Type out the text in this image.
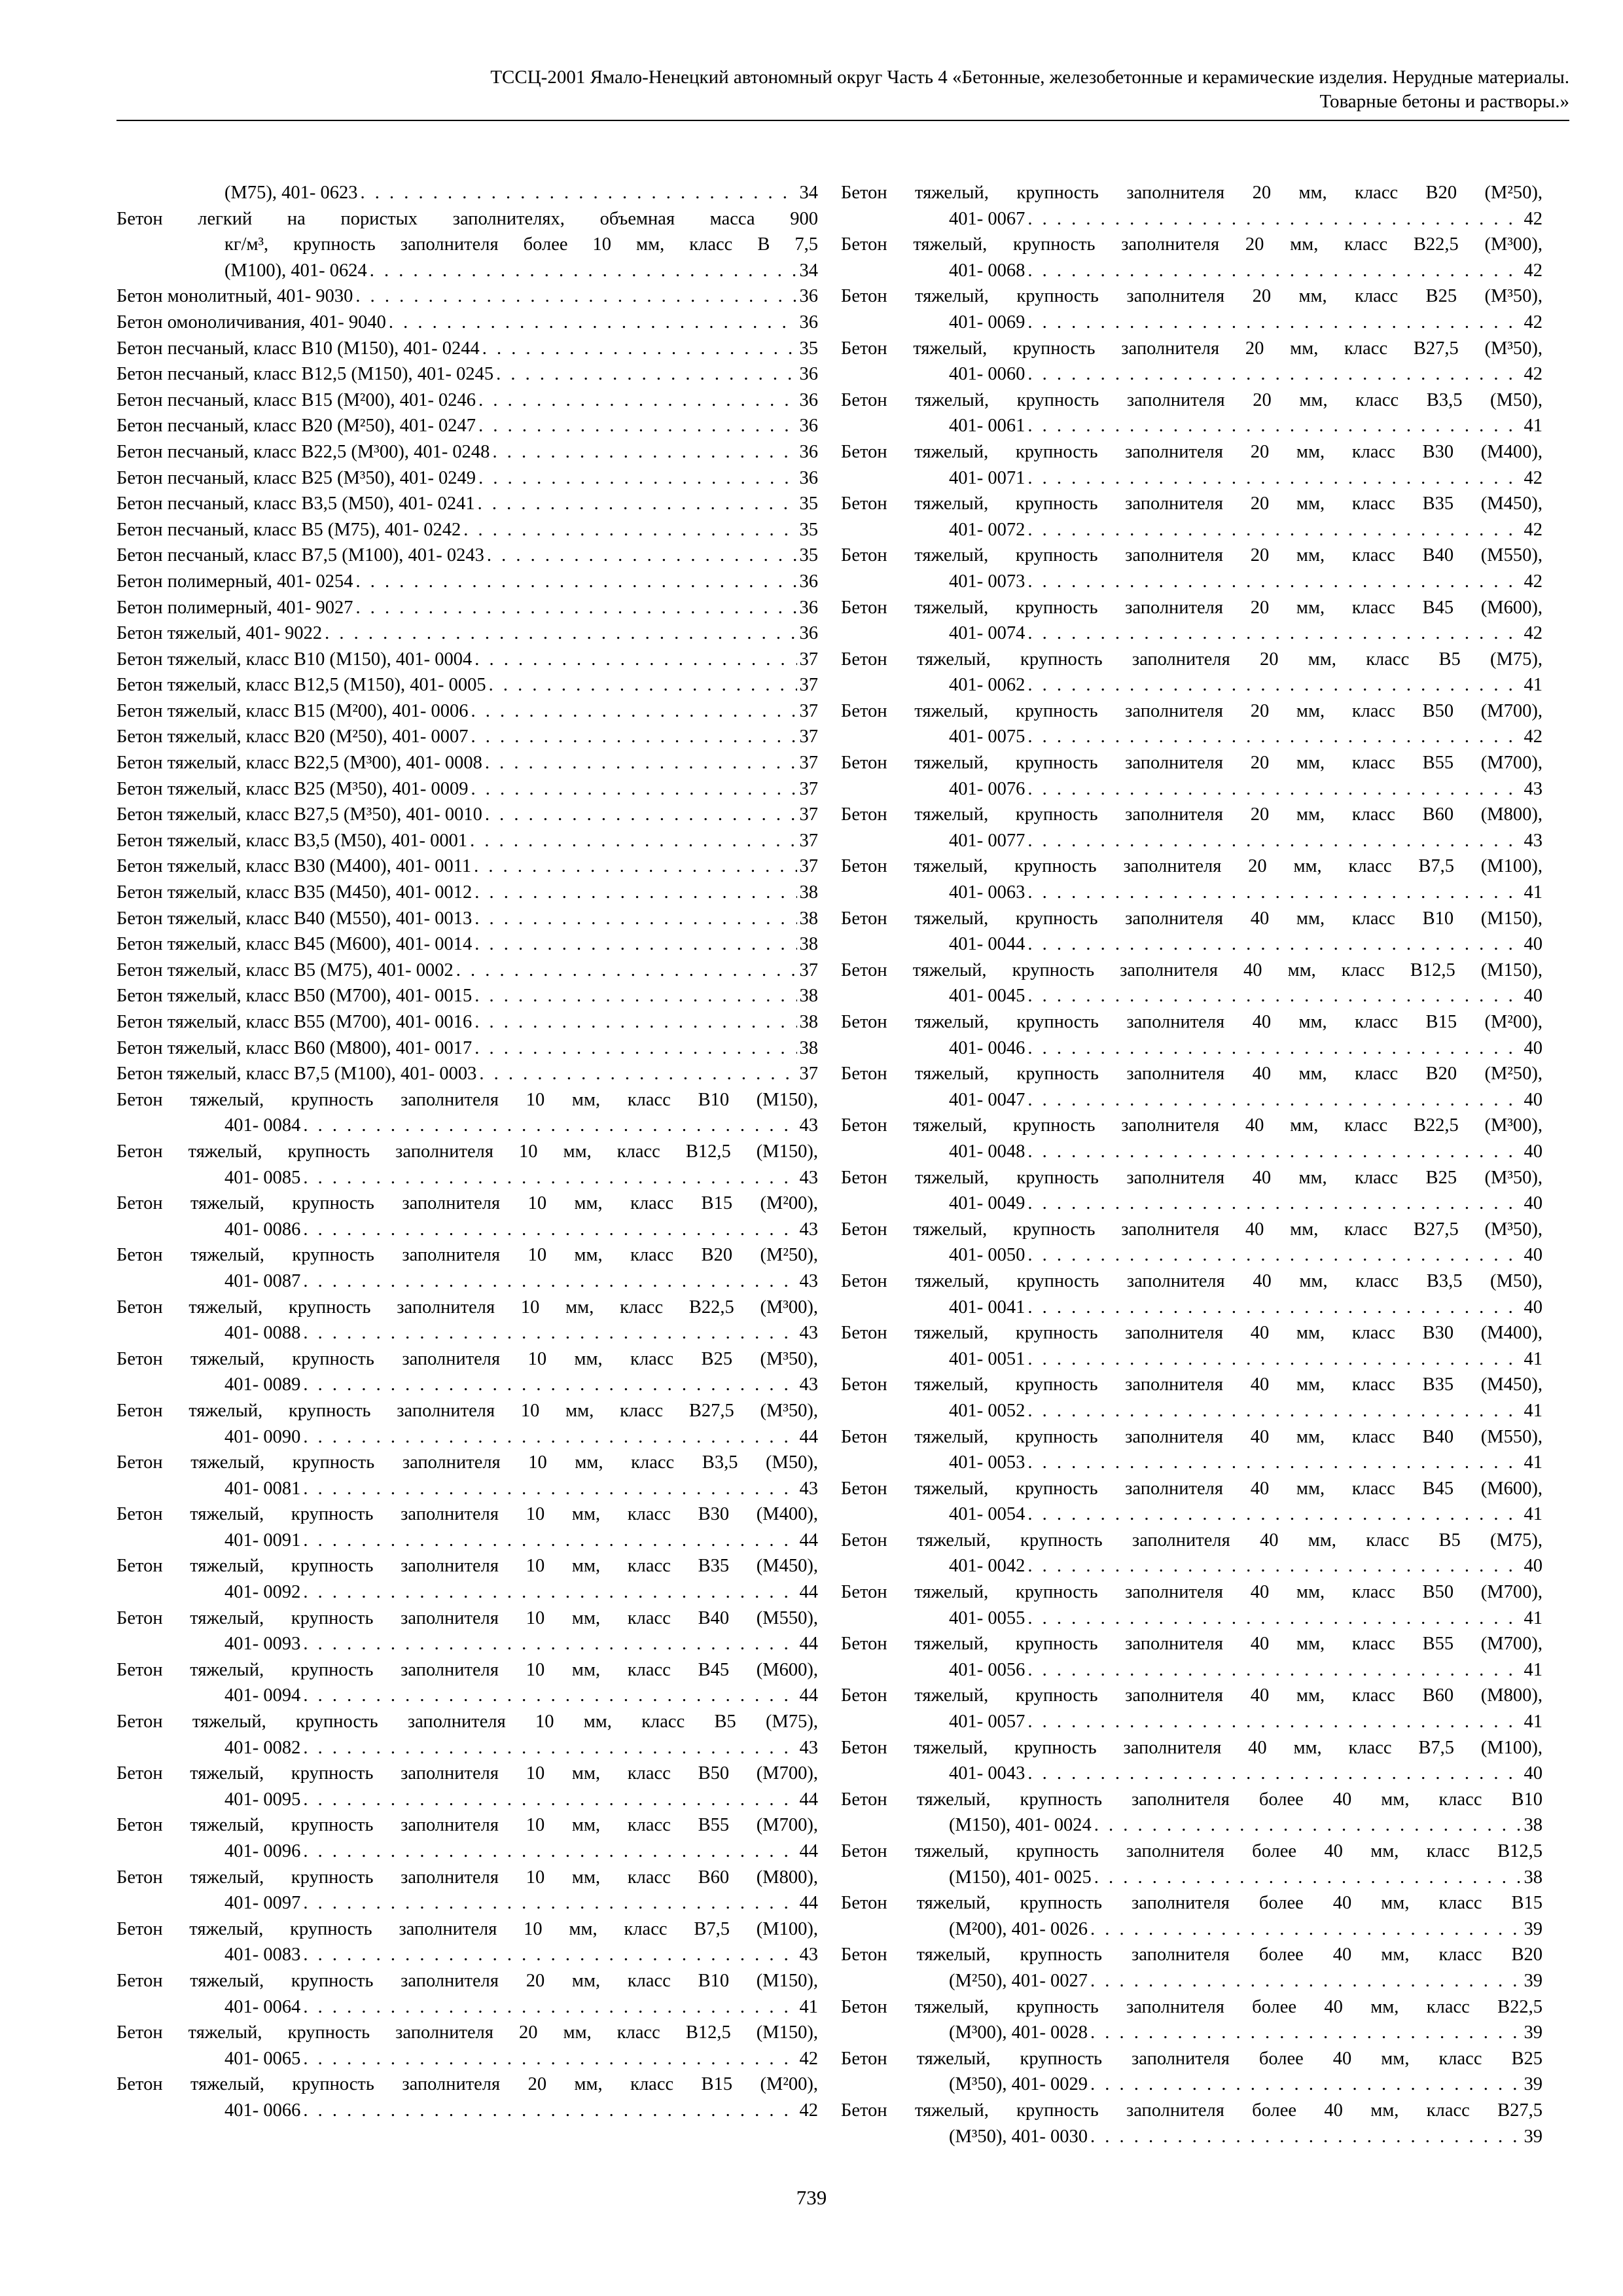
ТССЦ-2001 Ямало-Ненецкий автономный округ Часть 4 «Бетонные, железобетонные и керамические изделия. Нерудные материалы.
Товарные бетоны и растворы.»
(М75), 401- 0623	34
. . .
Бетон легкий на пористых заполнителях, объемная масса 900
кг/м³, крупность заполнителя более 10 мм, класс В 7,5
(М100), 401- 0624	34
. . .
Бетон монолитный, 401- 9030	36
. . .
Бетон омоноличивания, 401- 9040	36
. . .
Бетон песчаный, класс В10 (М150), 401- 0244	35
. . .
Бетон песчаный, класс В12,5 (М150), 401- 0245	36
. . .
Бетон песчаный, класс В15 (М²00), 401- 0246	36
. . .
Бетон песчаный, класс В20 (М²50), 401- 0247	36
. . .
Бетон песчаный, класс В22,5 (М³00), 401- 0248	36
. . .
Бетон песчаный, класс В25 (М³50), 401- 0249	36
. . .
Бетон песчаный, класс В3,5 (М50), 401- 0241	35
. . .
Бетон песчаный, класс В5 (М75), 401- 0242	35
. . .
Бетон песчаный, класс В7,5 (М100), 401- 0243	35
. . .
Бетон полимерный, 401- 0254	36
. . .
Бетон полимерный, 401- 9027	36
. . .
Бетон тяжелый, 401- 9022	36
. . .
Бетон тяжелый, класс В10 (М150), 401- 0004	37
. . .
Бетон тяжелый, класс В12,5 (М150), 401- 0005	37
. . .
Бетон тяжелый, класс В15 (М²00), 401- 0006	37
. . .
Бетон тяжелый, класс В20 (М²50), 401- 0007	37
. . .
Бетон тяжелый, класс В22,5 (М³00), 401- 0008	37
. . .
Бетон тяжелый, класс В25 (М³50), 401- 0009	37
. . .
Бетон тяжелый, класс В27,5 (М³50), 401- 0010	37
. . .
Бетон тяжелый, класс В3,5 (М50), 401- 0001	37
. . .
Бетон тяжелый, класс В30 (М400), 401- 0011	37
. . .
Бетон тяжелый, класс В35 (М450), 401- 0012	38
. . .
Бетон тяжелый, класс В40 (М550), 401- 0013	38
. . .
Бетон тяжелый, класс В45 (М600), 401- 0014	38
. . .
Бетон тяжелый, класс В5 (М75), 401- 0002	37
. . .
Бетон тяжелый, класс В50 (М700), 401- 0015	38
. . .
Бетон тяжелый, класс В55 (М700), 401- 0016	38
. . .
Бетон тяжелый, класс В60 (М800), 401- 0017	38
. . .
Бетон тяжелый, класс В7,5 (М100), 401- 0003	37
. . .
Бетон тяжелый, крупность заполнителя 10 мм, класс В10 (М150),
401- 0084	43
. . .
Бетон тяжелый, крупность заполнителя 10 мм, класс В12,5 (М150),
401- 0085	43
. . .
Бетон тяжелый, крупность заполнителя 10 мм, класс В15 (М²00),
401- 0086	43
. . .
Бетон тяжелый, крупность заполнителя 10 мм, класс В20 (М²50),
401- 0087	43
. . .
Бетон тяжелый, крупность заполнителя 10 мм, класс В22,5 (М³00),
401- 0088	43
. . .
Бетон тяжелый, крупность заполнителя 10 мм, класс В25 (М³50),
401- 0089	43
. . .
Бетон тяжелый, крупность заполнителя 10 мм, класс В27,5 (М³50),
401- 0090	44
. . .
Бетон тяжелый, крупность заполнителя 10 мм, класс В3,5 (М50),
401- 0081	43
. . .
Бетон тяжелый, крупность заполнителя 10 мм, класс В30 (М400),
401- 0091	44
. . .
Бетон тяжелый, крупность заполнителя 10 мм, класс В35 (М450),
401- 0092	44
. . .
Бетон тяжелый, крупность заполнителя 10 мм, класс В40 (М550),
401- 0093	44
. . .
Бетон тяжелый, крупность заполнителя 10 мм, класс В45 (М600),
401- 0094	44
. . .
Бетон тяжелый, крупность заполнителя 10 мм, класс В5 (М75),
401- 0082	43
. . .
Бетон тяжелый, крупность заполнителя 10 мм, класс В50 (М700),
401- 0095	44
. . .
Бетон тяжелый, крупность заполнителя 10 мм, класс В55 (М700),
401- 0096	44
. . .
Бетон тяжелый, крупность заполнителя 10 мм, класс В60 (М800),
401- 0097	44
. . .
Бетон тяжелый, крупность заполнителя 10 мм, класс В7,5 (М100),
401- 0083	43
. . .
Бетон тяжелый, крупность заполнителя 20 мм, класс В10 (М150),
401- 0064	41
. . .
Бетон тяжелый, крупность заполнителя 20 мм, класс В12,5 (М150),
401- 0065	42
. . .
Бетон тяжелый, крупность заполнителя 20 мм, класс В15 (М²00),
401- 0066	42
. . .
Бетон тяжелый, крупность заполнителя 20 мм, класс В20 (М²50),
401- 0067	42
. . .
Бетон тяжелый, крупность заполнителя 20 мм, класс В22,5 (М³00),
401- 0068	42
. . .
Бетон тяжелый, крупность заполнителя 20 мм, класс В25 (М³50),
401- 0069	42
. . .
Бетон тяжелый, крупность заполнителя 20 мм, класс В27,5 (М³50),
401- 0060	42
. . .
Бетон тяжелый, крупность заполнителя 20 мм, класс В3,5 (М50),
401- 0061	41
. . .
Бетон тяжелый, крупность заполнителя 20 мм, класс В30 (М400),
401- 0071	42
. . .
Бетон тяжелый, крупность заполнителя 20 мм, класс В35 (М450),
401- 0072	42
. . .
Бетон тяжелый, крупность заполнителя 20 мм, класс В40 (М550),
401- 0073	42
. . .
Бетон тяжелый, крупность заполнителя 20 мм, класс В45 (М600),
401- 0074	42
. . .
Бетон тяжелый, крупность заполнителя 20 мм, класс В5 (М75),
401- 0062	41
. . .
Бетон тяжелый, крупность заполнителя 20 мм, класс В50 (М700),
401- 0075	42
. . .
Бетон тяжелый, крупность заполнителя 20 мм, класс В55 (М700),
401- 0076	43
. . .
Бетон тяжелый, крупность заполнителя 20 мм, класс В60 (М800),
401- 0077	43
. . .
Бетон тяжелый, крупность заполнителя 20 мм, класс В7,5 (М100),
401- 0063	41
. . .
Бетон тяжелый, крупность заполнителя 40 мм, класс В10 (М150),
401- 0044	40
. . .
Бетон тяжелый, крупность заполнителя 40 мм, класс В12,5 (М150),
401- 0045	40
. . .
Бетон тяжелый, крупность заполнителя 40 мм, класс В15 (М²00),
401- 0046	40
. . .
Бетон тяжелый, крупность заполнителя 40 мм, класс В20 (М²50),
401- 0047	40
. . .
Бетон тяжелый, крупность заполнителя 40 мм, класс В22,5 (М³00),
401- 0048	40
. . .
Бетон тяжелый, крупность заполнителя 40 мм, класс В25 (М³50),
401- 0049	40
. . .
Бетон тяжелый, крупность заполнителя 40 мм, класс В27,5 (М³50),
401- 0050	40
. . .
Бетон тяжелый, крупность заполнителя 40 мм, класс В3,5 (М50),
401- 0041	40
. . .
Бетон тяжелый, крупность заполнителя 40 мм, класс В30 (М400),
401- 0051	41
. . .
Бетон тяжелый, крупность заполнителя 40 мм, класс В35 (М450),
401- 0052	41
. . .
Бетон тяжелый, крупность заполнителя 40 мм, класс В40 (М550),
401- 0053	41
. . .
Бетон тяжелый, крупность заполнителя 40 мм, класс В45 (М600),
401- 0054	41
. . .
Бетон тяжелый, крупность заполнителя 40 мм, класс В5 (М75),
401- 0042	40
. . .
Бетон тяжелый, крупность заполнителя 40 мм, класс В50 (М700),
401- 0055	41
. . .
Бетон тяжелый, крупность заполнителя 40 мм, класс В55 (М700),
401- 0056	41
. . .
Бетон тяжелый, крупность заполнителя 40 мм, класс В60 (М800),
401- 0057	41
. . .
Бетон тяжелый, крупность заполнителя 40 мм, класс В7,5 (М100),
401- 0043	40
. . .
Бетон тяжелый, крупность заполнителя более 40 мм, класс В10
(М150), 401- 0024	38
. . .
Бетон тяжелый, крупность заполнителя более 40 мм, класс В12,5
(М150), 401- 0025	38
. . .
Бетон тяжелый, крупность заполнителя более 40 мм, класс В15
(М²00), 401- 0026	39
. . .
Бетон тяжелый, крупность заполнителя более 40 мм, класс В20
(М²50), 401- 0027	39
. . .
Бетон тяжелый, крупность заполнителя более 40 мм, класс В22,5
(М³00), 401- 0028	39
. . .
Бетон тяжелый, крупность заполнителя более 40 мм, класс В25
(М³50), 401- 0029	39
. . .
Бетон тяжелый, крупность заполнителя более 40 мм, класс В27,5
(М³50), 401- 0030	39
. . .
739
